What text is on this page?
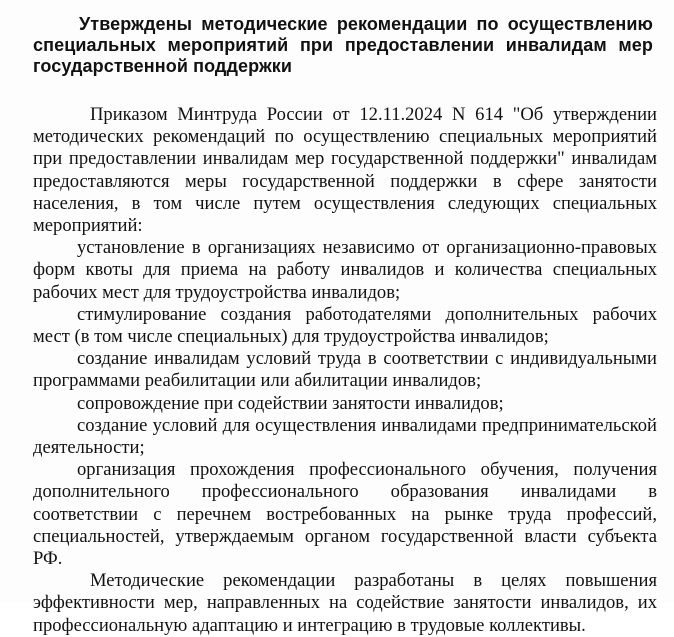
Утверждены методические рекомендации по осуществлению специальных мероприятий при предоставлении инвалидам мер государственной поддержки

Приказом Минтруда России от 12.11.2024 N 614 "Об утверждении методических рекомендаций по осуществлению специальных мероприятий при предоставлении инвалидам мер государственной поддержки" инвалидам предоставляются меры государственной поддержки в сфере занятости населения, в том числе путем осуществления следующих специальных мероприятий:

установление в организациях независимо от организационно-правовых форм квоты для приема на работу инвалидов и количества специальных рабочих мест для трудоустройства инвалидов;

стимулирование создания работодателями дополнительных рабочих мест (в том числе специальных) для трудоустройства инвалидов;

создание инвалидам условий труда в соответствии с индивидуальными программами реабилитации или абилитации инвалидов;

сопровождение при содействии занятости инвалидов;

создание условий для осуществления инвалидами предпринимательской деятельности;

организация прохождения профессионального обучения, получения дополнительного профессионального образования инвалидами в соответствии с перечнем востребованных на рынке труда профессий, специальностей, утверждаемым органом государственной власти субъекта РФ.

Методические рекомендации разработаны в целях повышения эффективности мер, направленных на содействие занятости инвалидов, их профессиональную адаптацию и интеграцию в трудовые коллективы.
